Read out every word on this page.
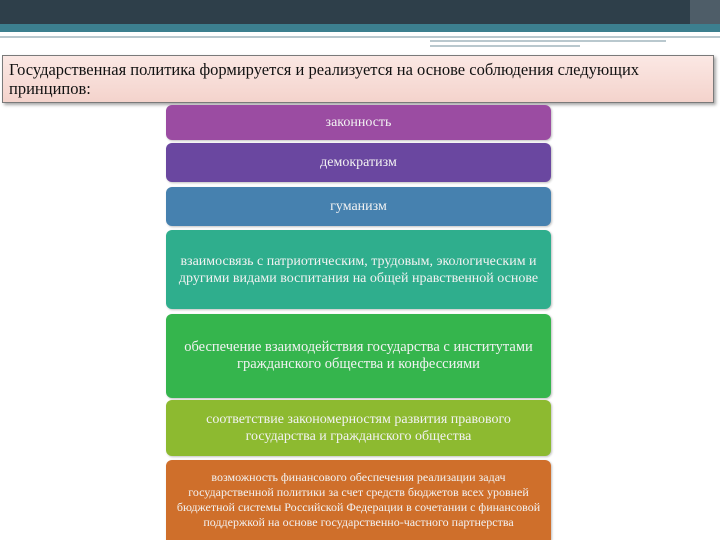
Государственная политика формируется и реализуется на основе соблюдения следующих принципов:
законность
демократизм
гуманизм
взаимосвязь с патриотическим, трудовым, экологическим и другими видами воспитания на общей нравственной основе
обеспечение взаимодействия государства с институтами гражданского общества и конфессиями
соответствие закономерностям развития правового государства и гражданского общества
возможность финансового обеспечения реализации задач государственной политики за счет средств бюджетов всех уровней бюджетной системы Российской Федерации в сочетании с финансовой поддержкой на основе государственно-частного партнерства
